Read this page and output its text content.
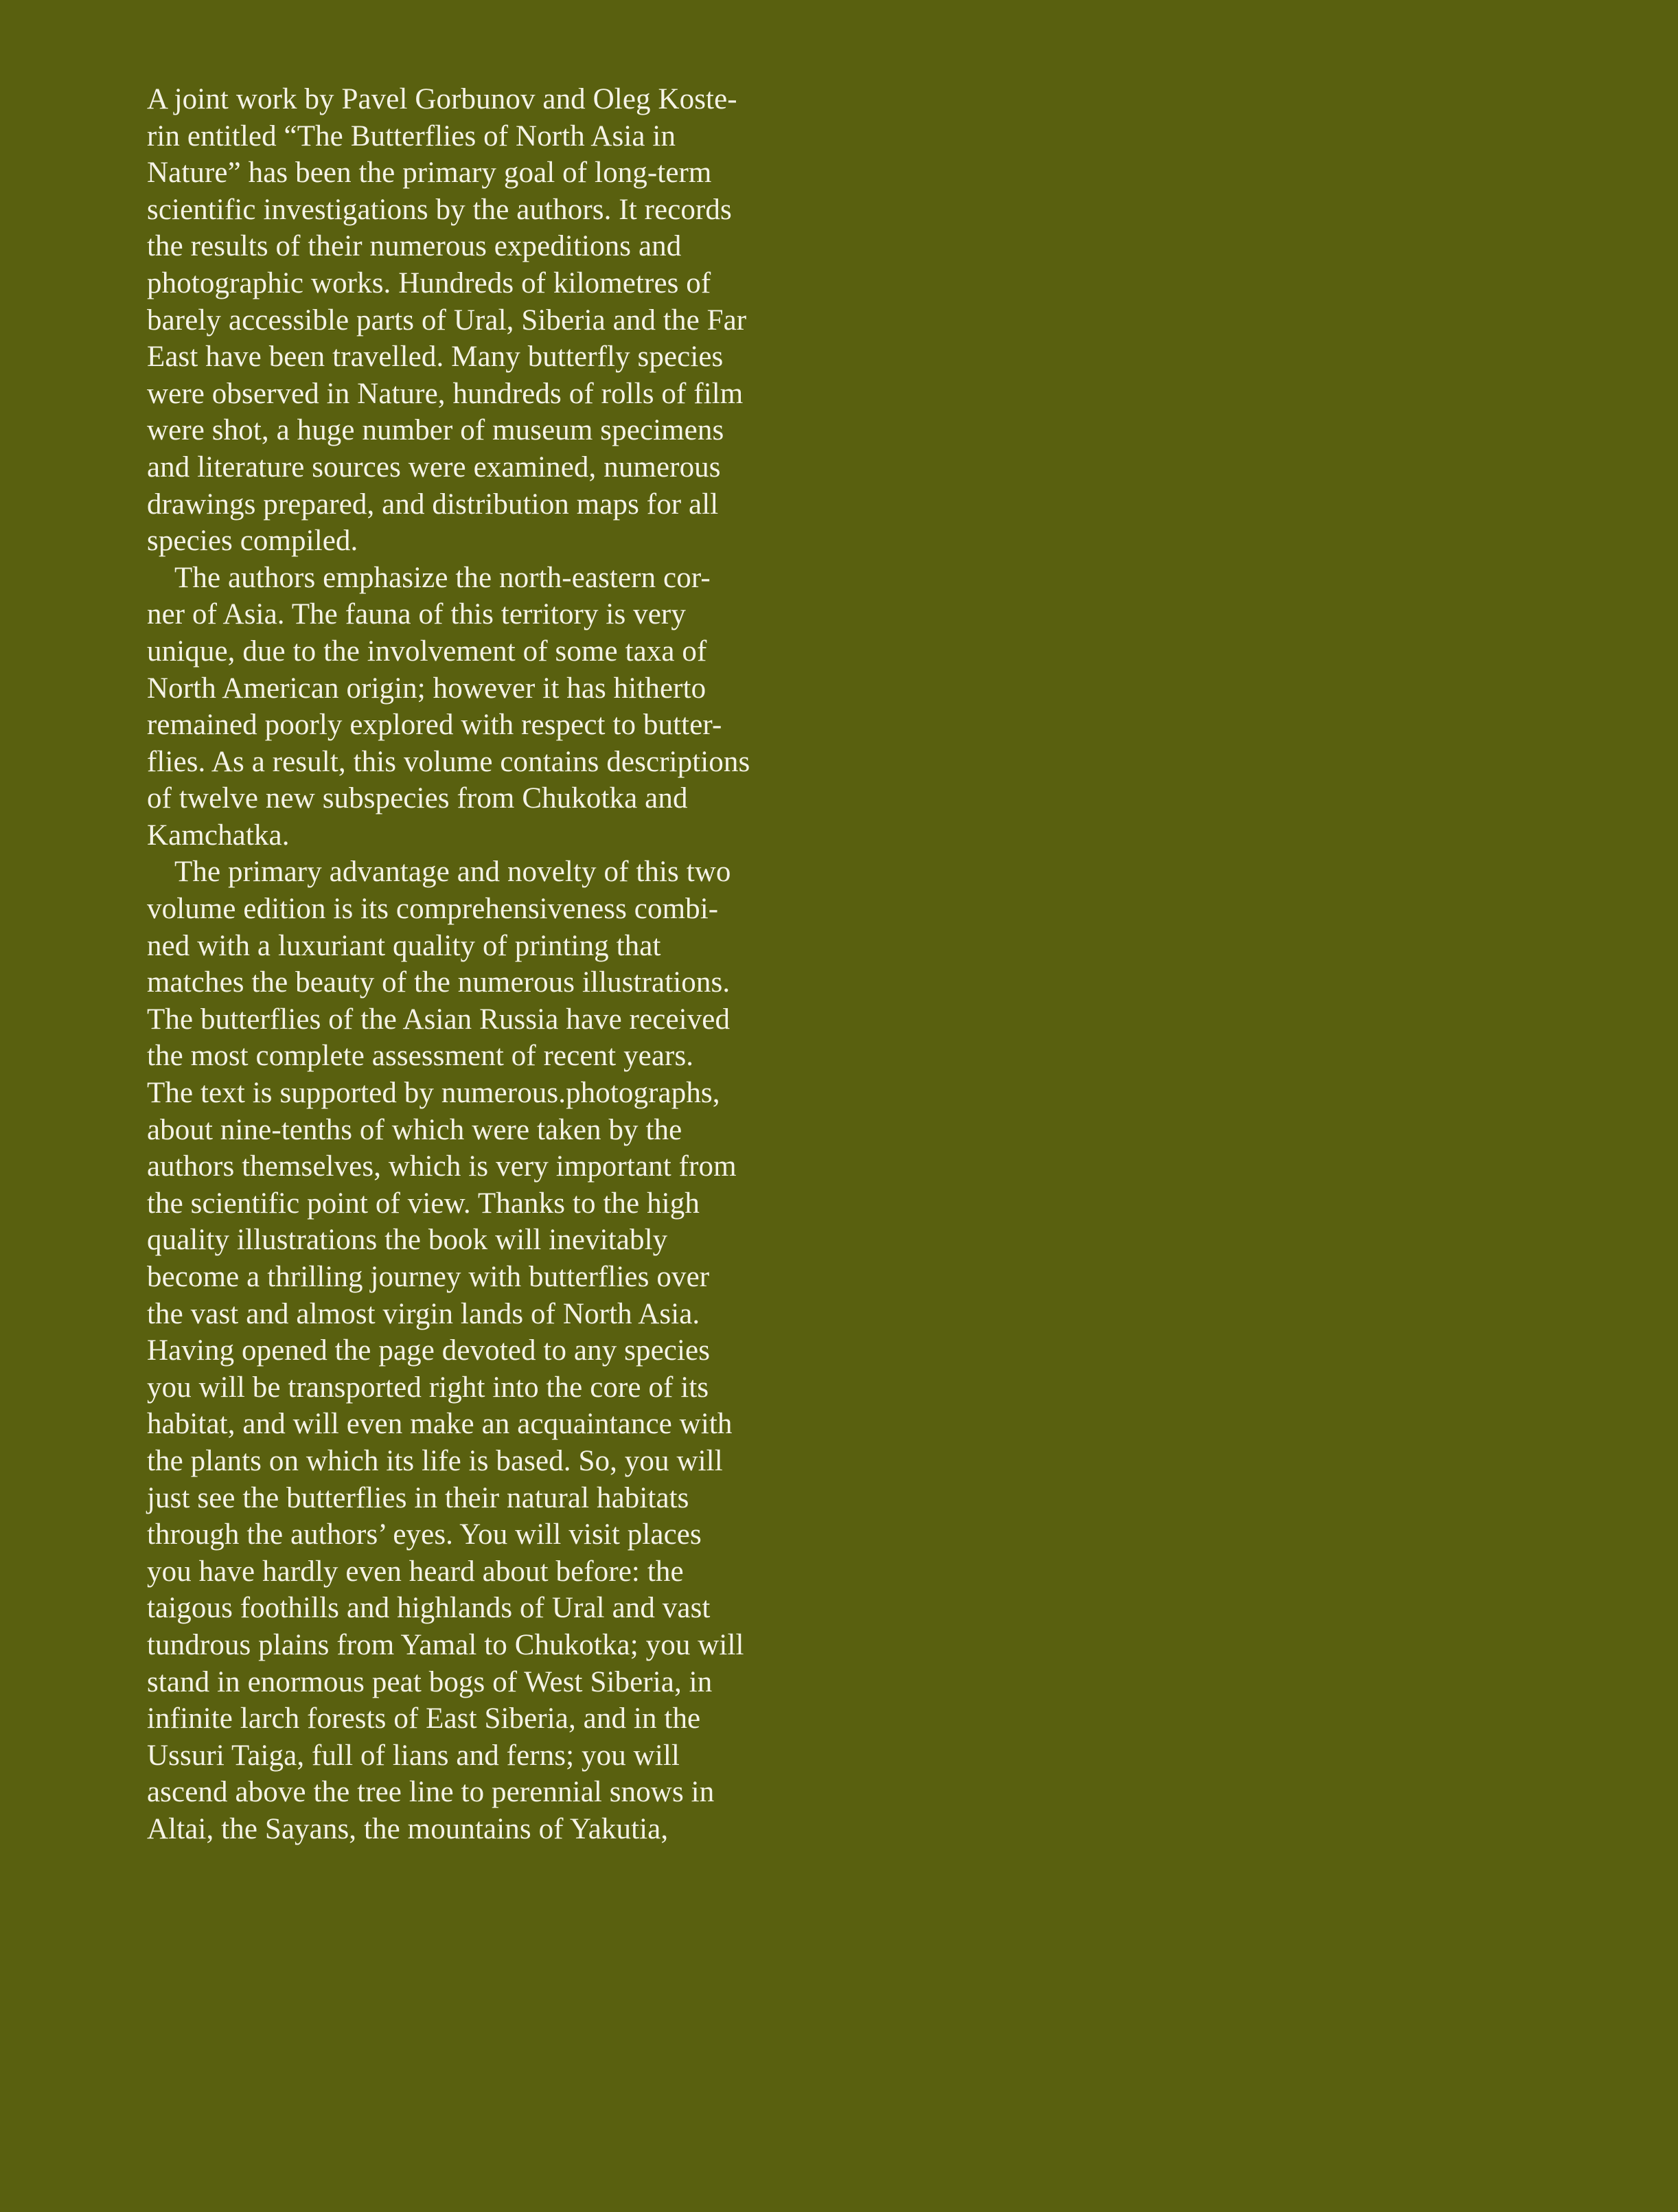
A joint work by Pavel Gorbunov and Oleg Koste-
rin entitled “The Butterflies of North Asia in
Nature” has been the primary goal of long-term
scientific investigations by the authors. It records
the results of their numerous expeditions and
photographic works. Hundreds of kilometres of
barely accessible parts of Ural, Siberia and the Far
East have been travelled. Many butterfly species
were observed in Nature, hundreds of rolls of film
were shot, a huge number of museum specimens
and literature sources were examined, numerous
drawings prepared, and distribution maps for all
species compiled.

The authors emphasize the north-eastern cor-
ner of Asia. The fauna of this territory is very
unique, due to the involvement of some taxa of
North American origin; however it has hitherto
remained poorly explored with respect to butter-
flies. As a result, this volume contains descriptions
of twelve new subspecies from Chukotka and
Kamchatka.

The primary advantage and novelty of this two
volume edition is its comprehensiveness combi-
ned with a luxuriant quality of printing that
matches the beauty of the numerous illustrations.
The butterflies of the Asian Russia have received
the most complete assessment of recent years.
The text is supported by numerous.photographs,
about nine-tenths of which were taken by the
authors themselves, which is very important from
the scientific point of view. Thanks to the high
quality illustrations the book will inevitably
become a thrilling journey with butterflies over
the vast and almost virgin lands of North Asia.
Having opened the page devoted to any species
you will be transported right into the core of its
habitat, and will even make an acquaintance with
the plants on which its life is based. So, you will
just see the butterflies in their natural habitats
through the authors’ eyes. You will visit places
you have hardly even heard about before: the
taigous foothills and highlands of Ural and vast
tundrous plains from Yamal to Chukotka; you will
stand in enormous peat bogs of West Siberia, in
infinite larch forests of East Siberia, and in the
Ussuri Taiga, full of lians and ferns; you will
ascend above the tree line to perennial snows in
Altai, the Sayans, the mountains of Yakutia,
